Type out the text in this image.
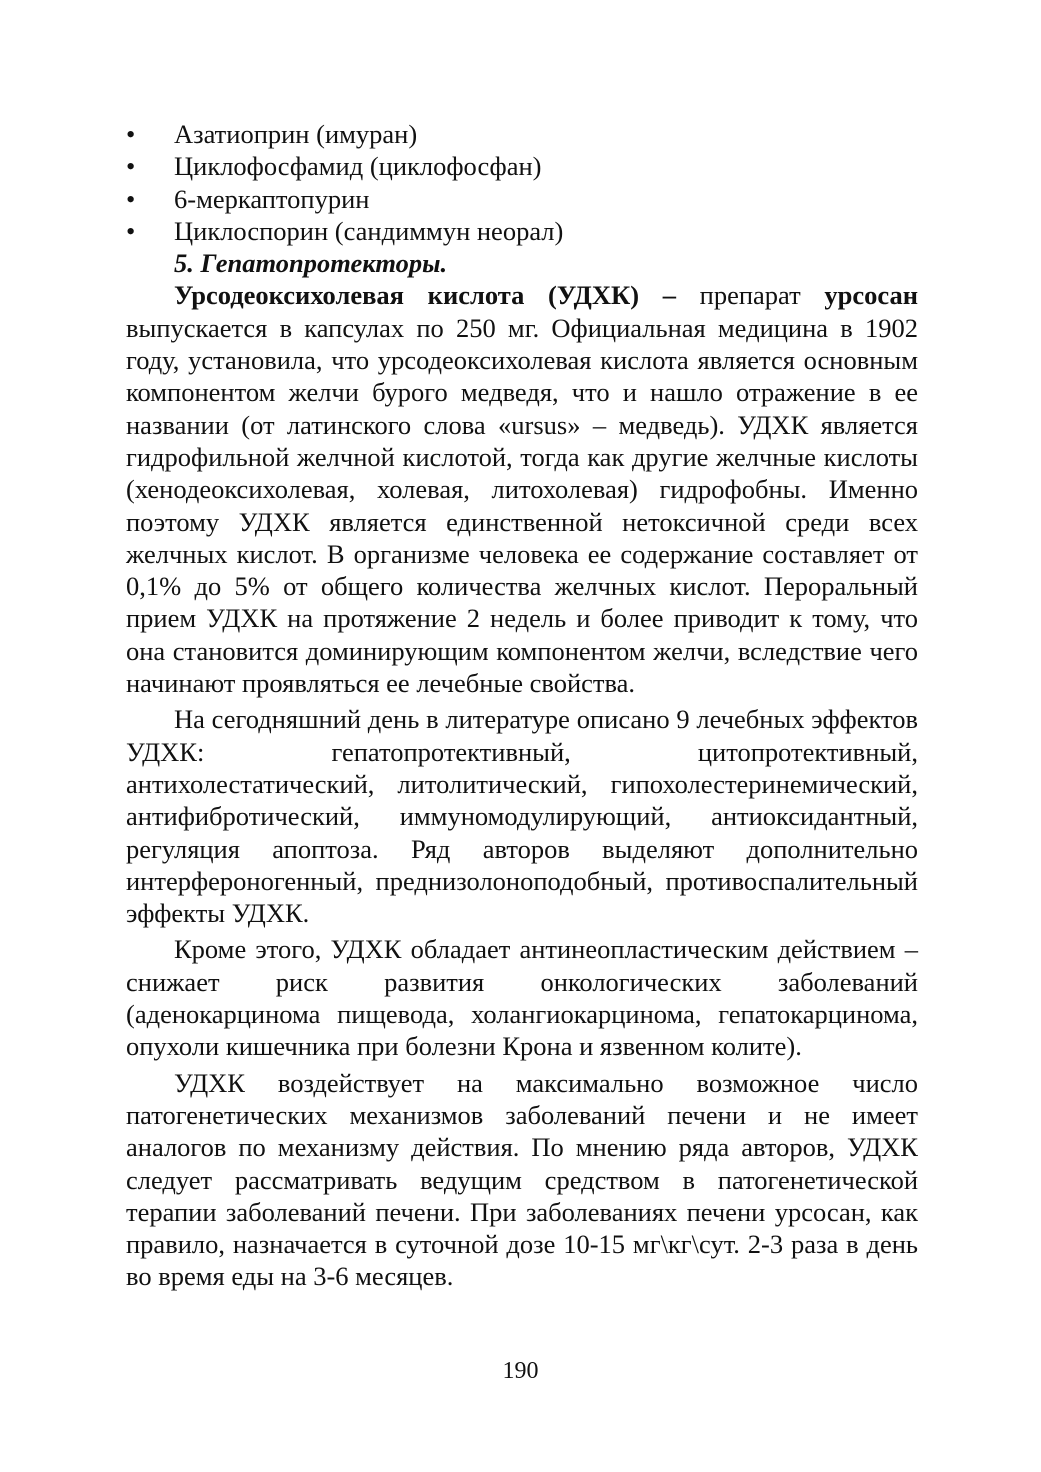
• Азатиоприн (имуран)
• Циклофосфамид (циклофосфан)
• 6-меркаптопурин
• Циклоспорин (сандиммун неорал)

5. Гепатопротекторы.

Урсодеоксихолевая кислота (УДХК) – препарат урсосан выпускается в капсулах по 250 мг. Официальная медицина в 1902 году, установила, что урсодеоксихолевая кислота является основным компонентом желчи бурого медведя, что и нашло отражение в ее названии (от латинского слова «ursus» – медведь). УДХК является гидрофильной желчной кислотой, тогда как другие желчные кислоты (хенодеоксихолевая, холевая, литохолевая) гидрофобны. Именно поэтому УДХК является единственной нетоксичной среди всех желчных кислот. В организме человека ее содержание составляет от 0,1% до 5% от общего количества желчных кислот. Пероральный прием УДХК на протяжение 2 недель и более приводит к тому, что она становится доминирующим компонентом желчи, вследствие чего начинают проявляться ее лечебные свойства.

На сегодняшний день в литературе описано 9 лечебных эффектов УДХК: гепатопротективный, цитопротективный, антихолестатический, литолитический, гипохолестеринемический, антифибротический, иммуномодулирующий, антиоксидантный, регуляция апоптоза. Ряд авторов выделяют дополнительно интерфероногенный, преднизолоноподобный, противоспалительный эффекты УДХК.

Кроме этого, УДХК обладает антинеопластическим действием – снижает риск развития онкологических заболеваний (аденокарцинома пищевода, холангиокарцинома, гепатокарцинома, опухоли кишечника при болезни Крона и язвенном колите).

УДХК воздействует на максимально возможное число патогенетических механизмов заболеваний печени и не имеет аналогов по механизму действия. По мнению ряда авторов, УДХК следует рассматривать ведущим средством в патогенетической терапии заболеваний печени. При заболеваниях печени урсосан, как правило, назначается в суточной дозе 10-15 мг\кг\сут. 2-3 раза в день во время еды на 3-6 месяцев.

190
